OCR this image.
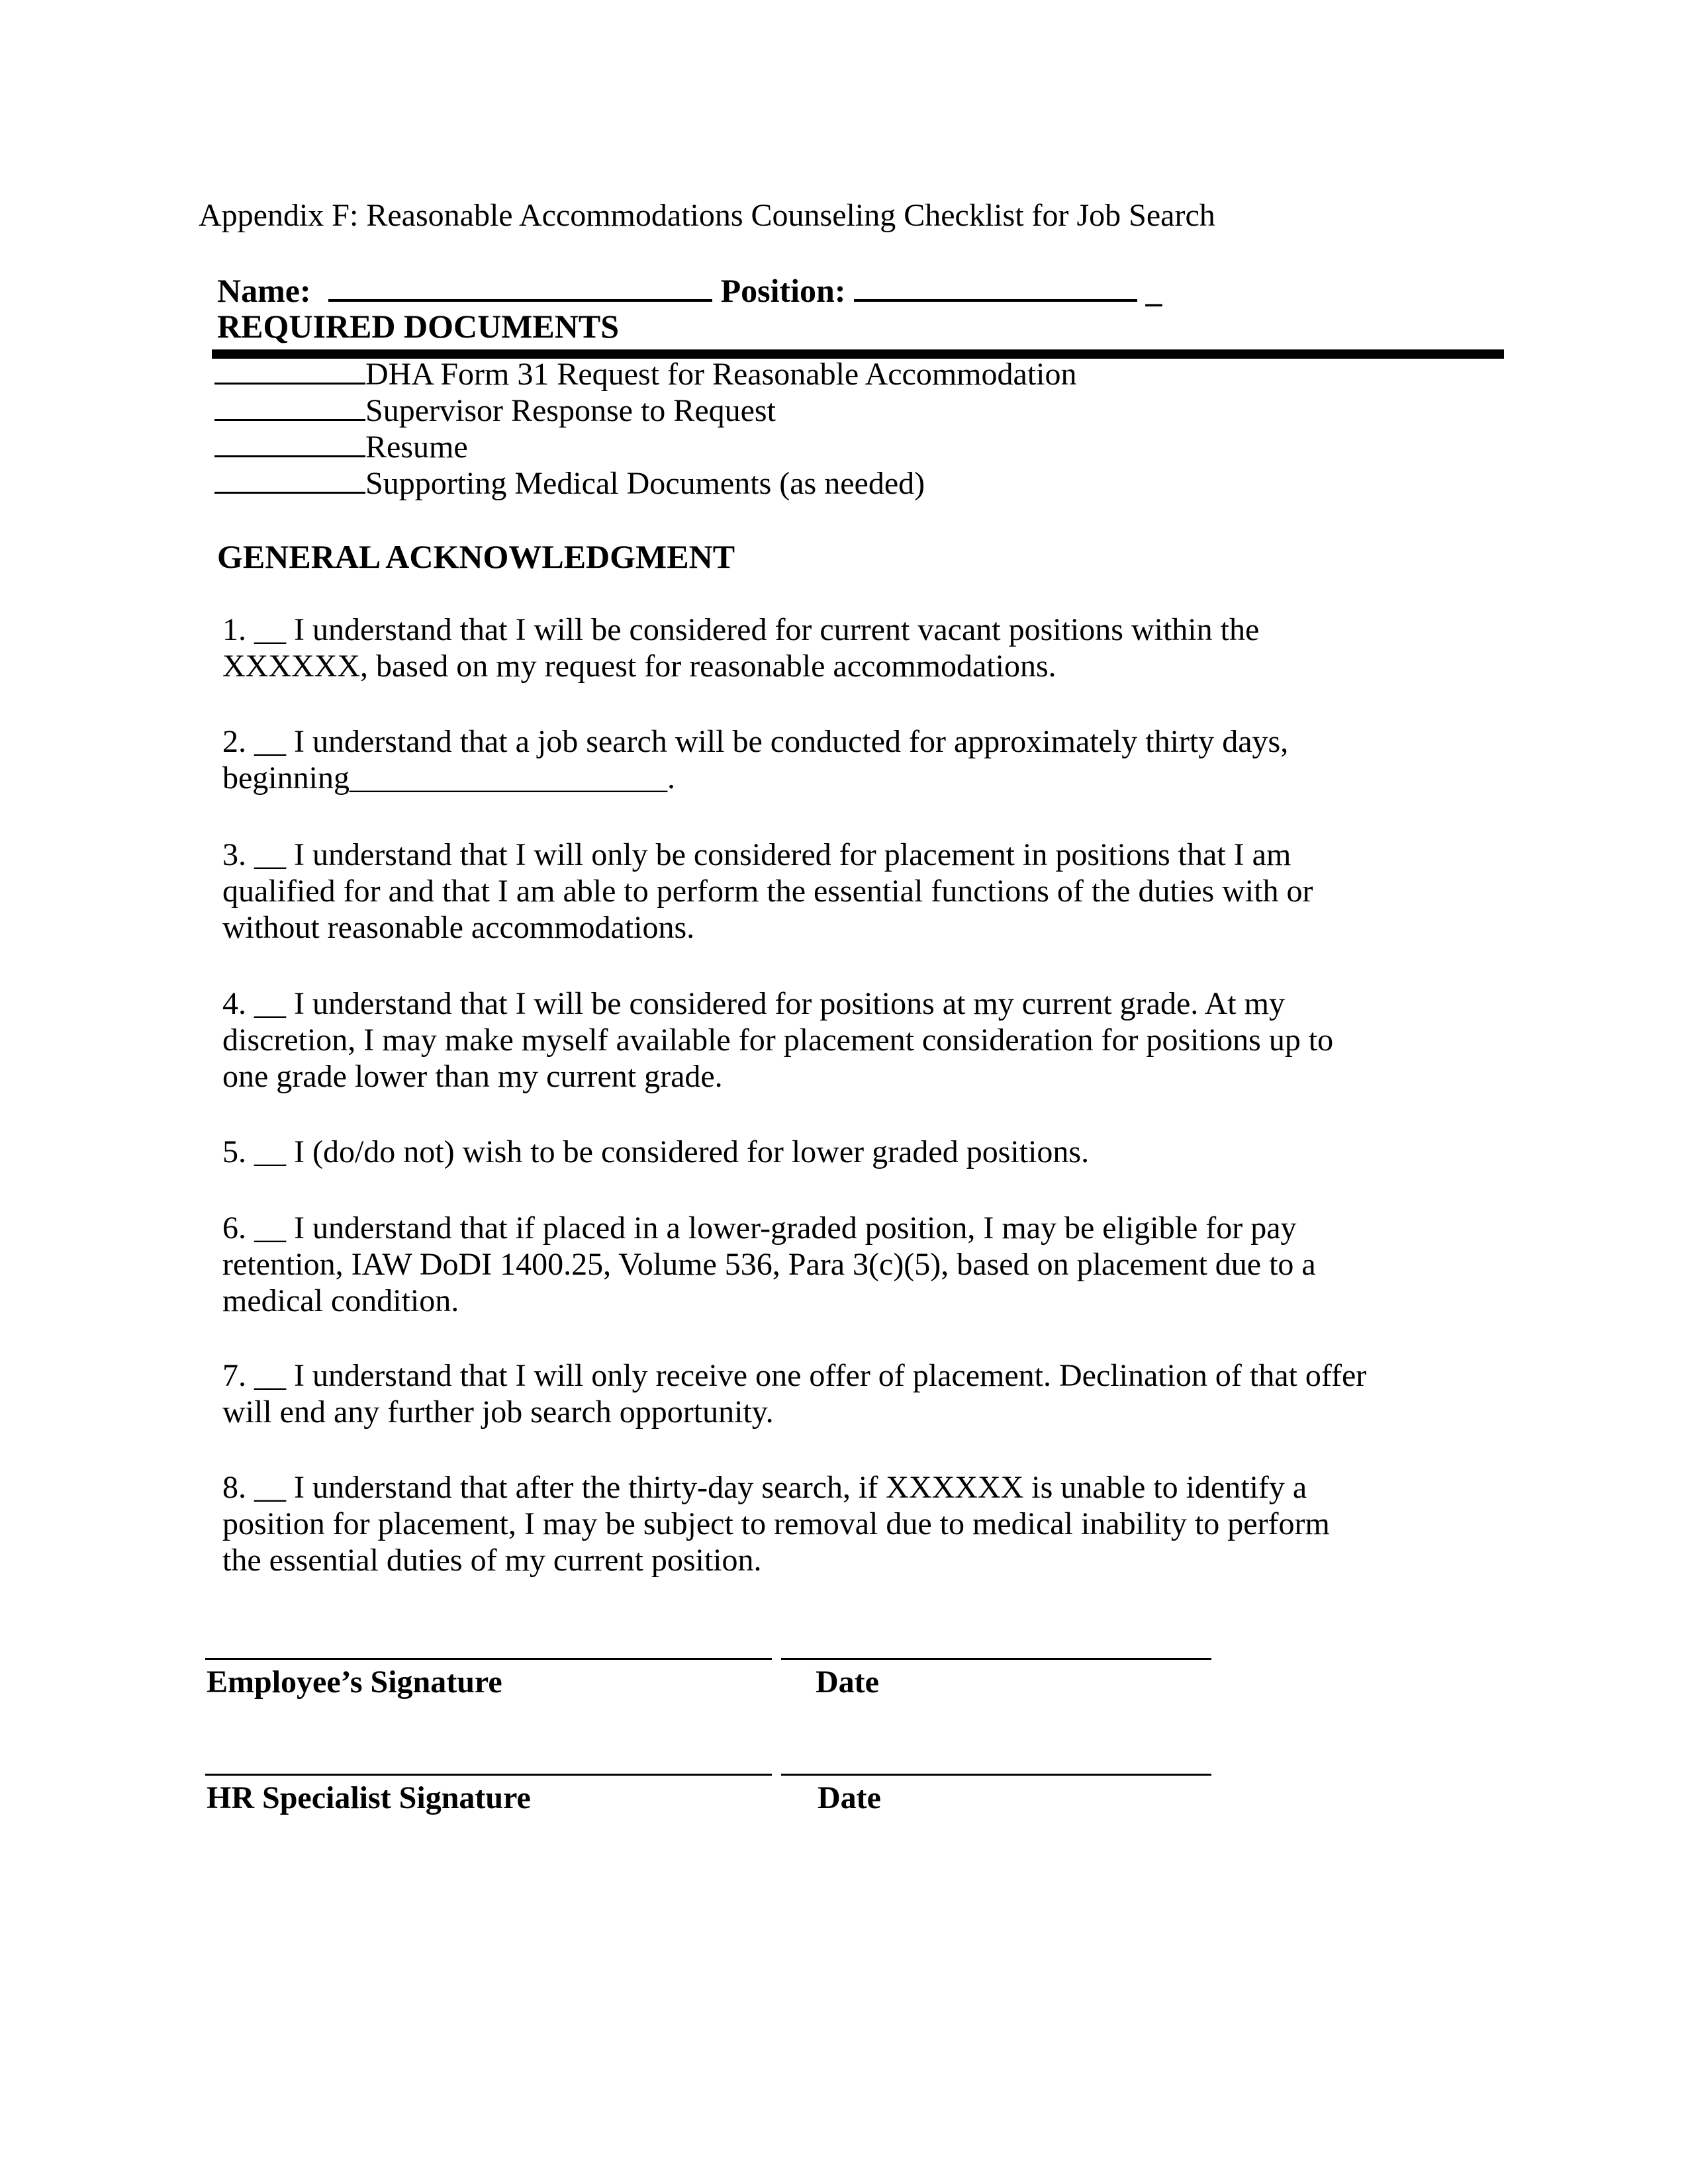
Appendix F: Reasonable Accommodations Counseling Checklist for Job Search
Name:	Position:	_
REQUIRED DOCUMENTS
DHA Form 31 Request for Reasonable Accommodation
Supervisor Response to Request
Resume
Supporting Medical Documents (as needed)
GENERAL ACKNOWLEDGMENT
1. __ I understand that I will be considered for current vacant positions within the
XXXXXX, based on my request for reasonable accommodations.
2. __ I understand that a job search will be conducted for approximately thirty days,
beginning____________________.
3. __ I understand that I will only be considered for placement in positions that I am
qualified for and that I am able to perform the essential functions of the duties with or
without reasonable accommodations.
4. __ I understand that I will be considered for positions at my current grade. At my
discretion, I may make myself available for placement consideration for positions up to
one grade lower than my current grade.
5. __ I (do/do not) wish to be considered for lower graded positions.
6. __ I understand that if placed in a lower-graded position, I may be eligible for pay
retention, IAW DoDI 1400.25, Volume 536, Para 3(c)(5), based on placement due to a
medical condition.
7. __ I understand that I will only receive one offer of placement. Declination of that offer
will end any further job search opportunity.
8. __ I understand that after the thirty-day search, if XXXXXX is unable to identify a
position for placement, I may be subject to removal due to medical inability to perform
the essential duties of my current position.
Employee’s Signature	Date
HR Specialist Signature	Date
